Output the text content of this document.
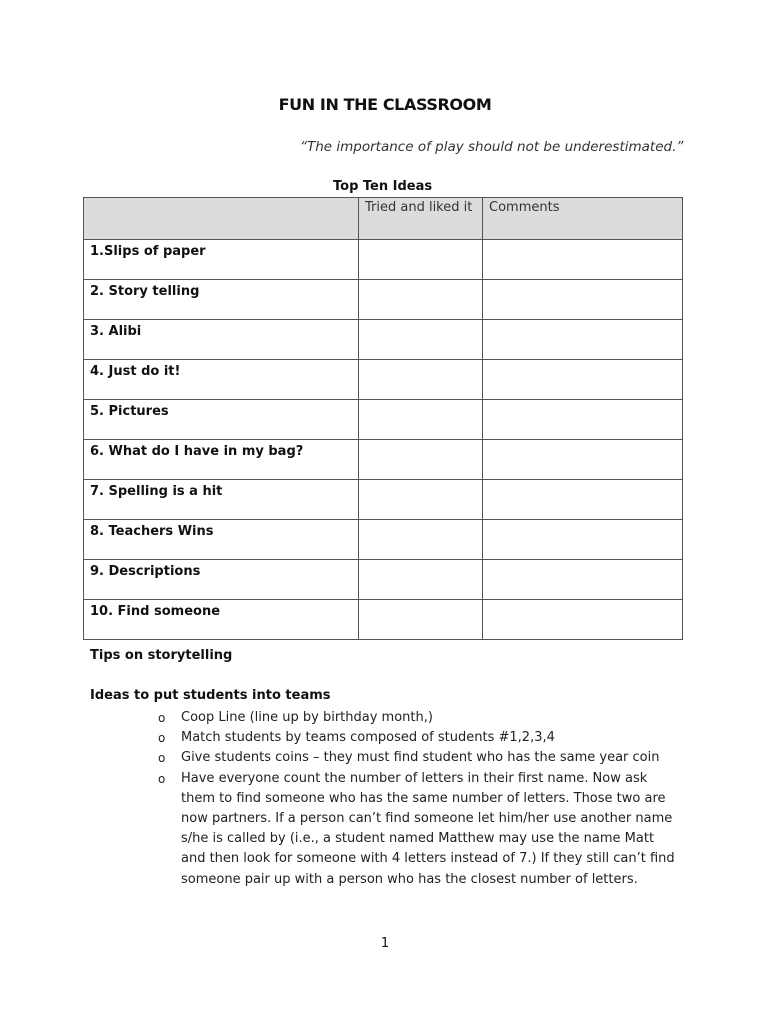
FUN IN THE CLASSROOM
“The importance of play should not be underestimated.”
Top Ten Ideas
	Tried and liked it	Comments
1.Slips of paper		
2. Story telling		
3. Alibi		
4. Just do it!		
5. Pictures		
6. What do I have in my bag?		
7. Spelling is a hit		
8. Teachers Wins		
9. Descriptions		
10. Find someone		
Tips on storytelling
Ideas to put students into teams
o Coop Line (line up by birthday month,)
o Match students by teams composed of students #1,2,3,4
o Give students coins – they must find student who has the same year coin
o Have everyone count the number of letters in their first name. Now ask them to find someone who has the same number of letters. Those two are now partners. If a person can’t find someone let him/her use another name s/he is called by (i.e., a student named Matthew may use the name Matt and then look for someone with 4 letters instead of 7.) If they still can’t find someone pair up with a person who has the closest number of letters.
1
